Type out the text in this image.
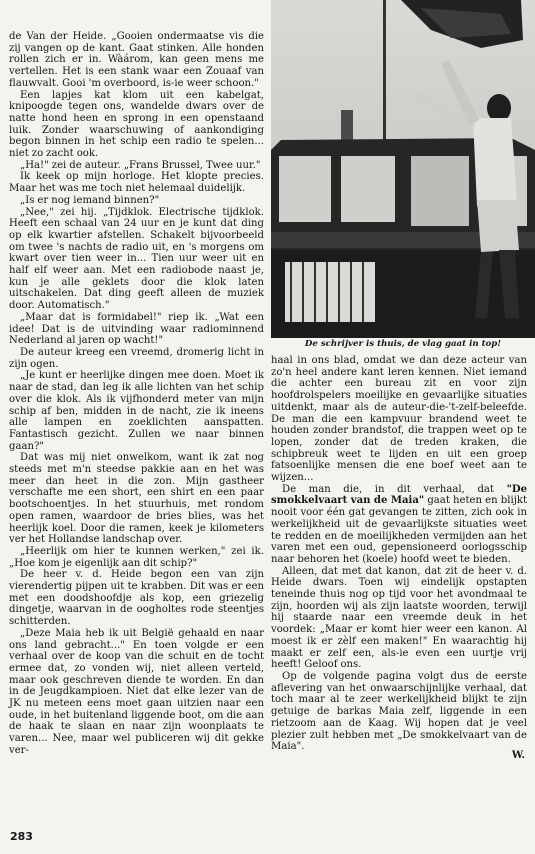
de Van der Heide. „Gooien ondermaatse vis die zij vangen op de kant. Gaat stinken. Alle honden rollen zich er in. Wàárom, kan geen mens me vertellen. Het is een stank waar een Zouaaf van flauwvalt. Gooi 'm overboord, is-ie weer schoon."

Een lapjes kat klom uit een kabelgat, knipoogde tegen ons, wandelde dwars over de natte hond heen en sprong in een openstaand luik. Zonder waarschuwing of aankondiging begon binnen in het schip een radio te spelen... niet zo zacht ook.

„Ha!" zei de auteur. „Frans Brussel, Twee uur."

Ik keek op mijn horloge. Het klopte precies. Maar het was me toch niet helemaal duidelijk.

„Is er nog iemand binnen?"

„Nee," zei hij. „Tijdklok. Electrische tijdklok. Heeft een schaal van 24 uur en je kunt dat ding op elk kwartier afstellen. Schakelt bijvoorbeeld om twee 's nachts de radio uit, en 's morgens om kwart over tien weer in... Tien uur weer uit en half elf weer aan. Met een radiobode naast je, kun je alle geklets door die klok laten uitschakelen. Dat ding geeft alleen de muziek door. Automatisch."

„Maar dat is formidabel!" riep ik. „Wat een idee! Dat is de uitvinding waar radiominnend Nederland al jaren op wacht!"

De auteur kreeg een vreemd, dromerig licht in zijn ogen.

„Je kunt er heerlijke dingen mee doen. Moet ik naar de stad, dan leg ik alle lichten van het schip over die klok. Als ik vijfhonderd meter van mijn schip af ben, midden in de nacht, zie ik ineens alle lampen en zoeklichten aanspatten. Fantastisch gezicht. Zullen we naar binnen gaan?"

Dat was mij niet onwelkom, want ik zat nog steeds met m'n steedse pakkie aan en het was meer dan heet in die zon. Mijn gastheer verschafte me een short, een shirt en een paar bootschoentjes. In het stuurhuis, met rondom open ramen, waardoor de bries blies, was het heerlijk koel. Door die ramen, keek je kilometers ver het Hollandse landschap over.

„Heerlijk om hier te kunnen werken," zei ik. „Hoe kom je eigenlijk aan dit schip?"

De heer v. d. Heide begon een van zijn vierendertig pijpen uit te krabben. Dit was er een met een doodshoofdje als kop, een griezelig dingetje, waarvan in de oogholtes rode steentjes schitterden.

„Deze Maia heb ik uit België gehaald en naar ons land gebracht..." En toen volgde er een verhaal over de koop van die schuit en de tocht ermee dat, zo vonden wij, niet alleen verteld, maar ook geschreven diende te worden. En dan in de Jeugdkampioen. Niet dat elke lezer van de JK nu meteen eens moet gaan uitzien naar een oude, in het buitenland liggende boot, om die aan de haak te slaan en naar zijn woonplaats te varen... Nee, maar wel publiceren wij dit gekke ver-

De schrijver is thuis, de vlag gaat in top!

haal in ons blad, omdat we dan deze acteur van zo'n heel andere kant leren kennen. Niet iemand die achter een bureau zit en voor zijn hoofdrolspelers moeilijke en gevaarlijke situaties uitdenkt, maar als de auteur-die-'t-zelf-beleefde. De man die een kampvuur brandend weet te houden zonder brandstof, die trappen weet op te lopen, zonder dat de treden kraken, die schipbreuk weet te lijden en uit een groep fatsoenlijke mensen die ene boef weet aan te wijzen...

De man die, in dit verhaal, dat "De smokkelvaart van de Maia" gaat heten en blijkt nooit voor één gat gevangen te zitten, zich ook in werkelijkheid uit de gevaarlijkste situaties weet te redden en de moeilijkheden vermijden aan het varen met een oud, gepensioneerd oorlogsschip naar behoren het (koele) hoofd weet te bieden.

Alleen, dat met dat kanon, dat zit de heer v. d. Heide dwars. Toen wij eindelijk opstapten teneinde thuis nog op tijd voor het avondmaal te zijn, hoorden wij als zijn laatste woorden, terwijl hij staarde naar een vreemde deuk in het voordek: „Maar er komt hier weer een kanon. Al moest ik er zèlf een maken!" En waarachtig hij maakt er zelf een, als-ie even een uurtje vrij heeft! Geloof ons.

Op de volgende pagina volgt dus de eerste aflevering van het onwaarschijnlijke verhaal, dat toch maar al te zeer werkelijkheid blijkt te zijn getuige de barkas Maia zelf, liggende in een rietzoom aan de Kaag. Wij hopen dat je veel plezier zult hebben met „De smokkelvaart van de Maia".

W.
283
